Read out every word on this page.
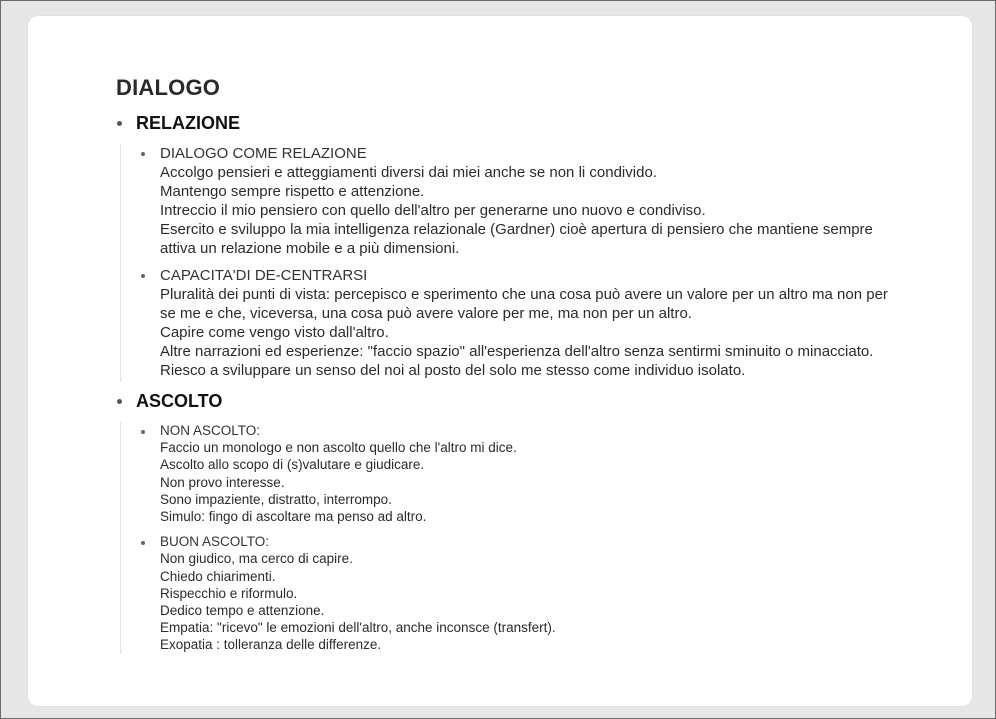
DIALOGO
RELAZIONE
DIALOGO COME RELAZIONE
Accolgo pensieri e atteggiamenti diversi dai miei anche se non li condivido.
Mantengo sempre rispetto e attenzione.
Intreccio il mio pensiero con quello dell'altro per generarne uno nuovo e condiviso.
Esercito e sviluppo la mia intelligenza relazionale (Gardner) cioè apertura di pensiero che mantiene sempre attiva un relazione mobile e a più dimensioni.
CAPACITA'DI DE-CENTRARSI
Pluralità dei punti di vista: percepisco e sperimento che una cosa può avere un valore per un altro ma non per se me e che, viceversa, una cosa può avere valore per me, ma non per un altro.
Capire come vengo visto dall'altro.
Altre narrazioni ed esperienze: "faccio spazio" all'esperienza dell'altro senza sentirmi sminuito o minacciato.
Riesco a sviluppare un senso del noi al posto del solo me stesso come individuo isolato.
ASCOLTO
NON ASCOLTO:
Faccio un monologo e non ascolto quello che l'altro mi dice.
Ascolto allo scopo di (s)valutare e giudicare.
Non provo interesse.
Sono impaziente, distratto, interrompo.
Simulo: fingo di ascoltare ma penso ad altro.
BUON ASCOLTO:
Non giudico, ma cerco di capire.
Chiedo chiarimenti.
Rispecchio e riformulo.
Dedico tempo e attenzione.
Empatia: "ricevo" le emozioni dell'altro, anche inconsce (transfert).
Exopatia : tolleranza delle differenze.
